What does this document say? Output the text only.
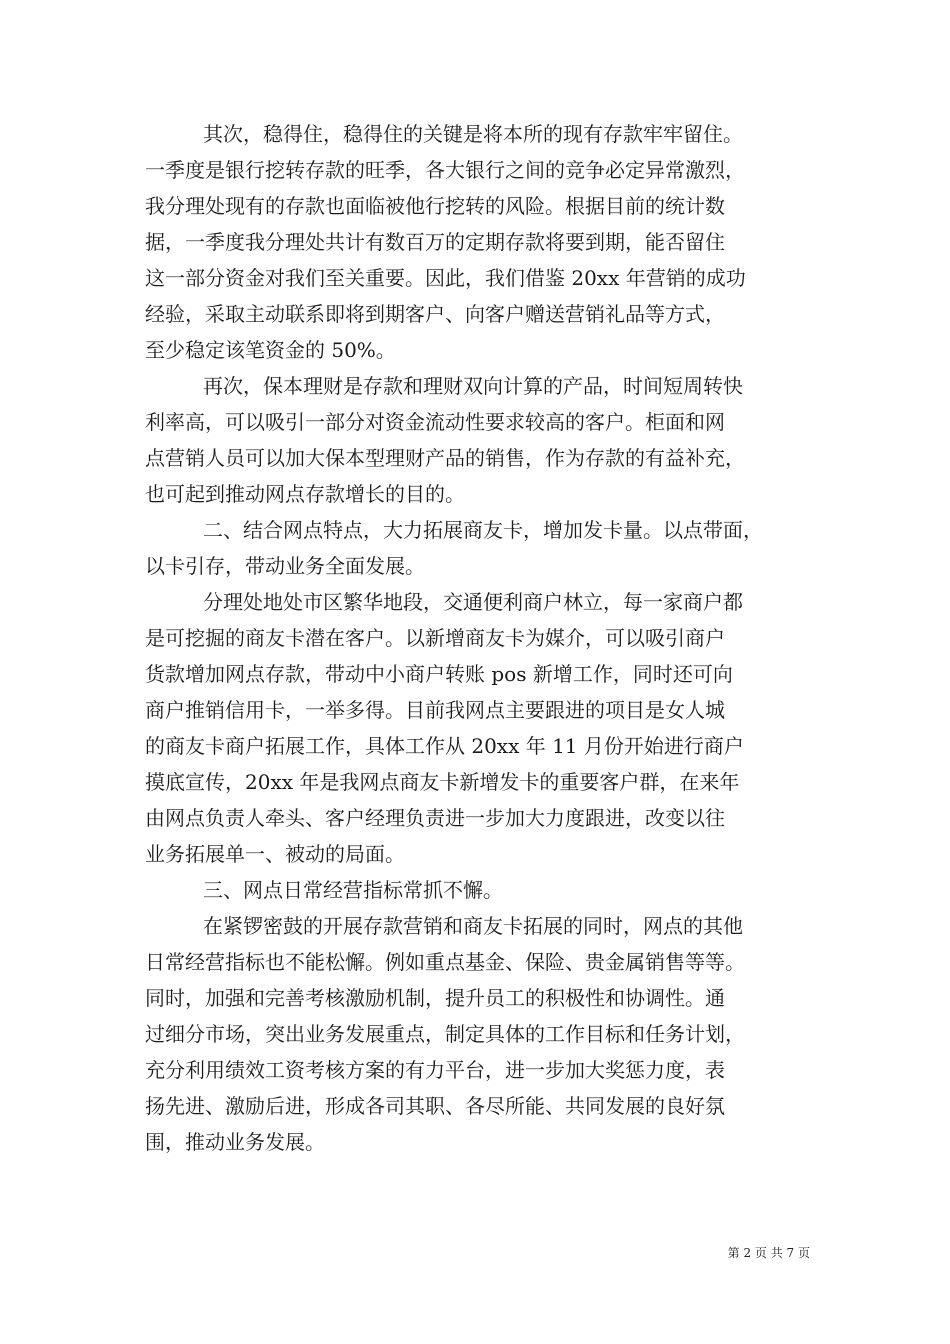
其次，稳得住，稳得住的关键是将本所的现有存款牢牢留住。
一季度是银行挖转存款的旺季，各大银行之间的竞争必定异常激烈，
我分理处现有的存款也面临被他行挖转的风险。根据目前的统计数
据，一季度我分理处共计有数百万的定期存款将要到期，能否留住
这一部分资金对我们至关重要。因此，我们借鉴 20xx 年营销的成功
经验，采取主动联系即将到期客户、向客户赠送营销礼品等方式，
至少稳定该笔资金的 50%。
再次，保本理财是存款和理财双向计算的产品，时间短周转快
利率高，可以吸引一部分对资金流动性要求较高的客户。柜面和网
点营销人员可以加大保本型理财产品的销售，作为存款的有益补充，
也可起到推动网点存款增长的目的。
二、结合网点特点，大力拓展商友卡，增加发卡量。以点带面，
以卡引存，带动业务全面发展。
分理处地处市区繁华地段，交通便利商户林立，每一家商户都
是可挖掘的商友卡潜在客户。以新增商友卡为媒介，可以吸引商户
货款增加网点存款，带动中小商户转账 pos 新增工作，同时还可向
商户推销信用卡，一举多得。目前我网点主要跟进的项目是女人城
的商友卡商户拓展工作，具体工作从 20xx 年 11 月份开始进行商户
摸底宣传，20xx 年是我网点商友卡新增发卡的重要客户群，在来年
由网点负责人牵头、客户经理负责进一步加大力度跟进，改变以往
业务拓展单一、被动的局面。
三、网点日常经营指标常抓不懈。
在紧锣密鼓的开展存款营销和商友卡拓展的同时，网点的其他
日常经营指标也不能松懈。例如重点基金、保险、贵金属销售等等。
同时，加强和完善考核激励机制，提升员工的积极性和协调性。通
过细分市场，突出业务发展重点，制定具体的工作目标和任务计划，
充分利用绩效工资考核方案的有力平台，进一步加大奖惩力度，表
扬先进、激励后进，形成各司其职、各尽所能、共同发展的良好氛
围，推动业务发展。
第 2 页 共 7 页
